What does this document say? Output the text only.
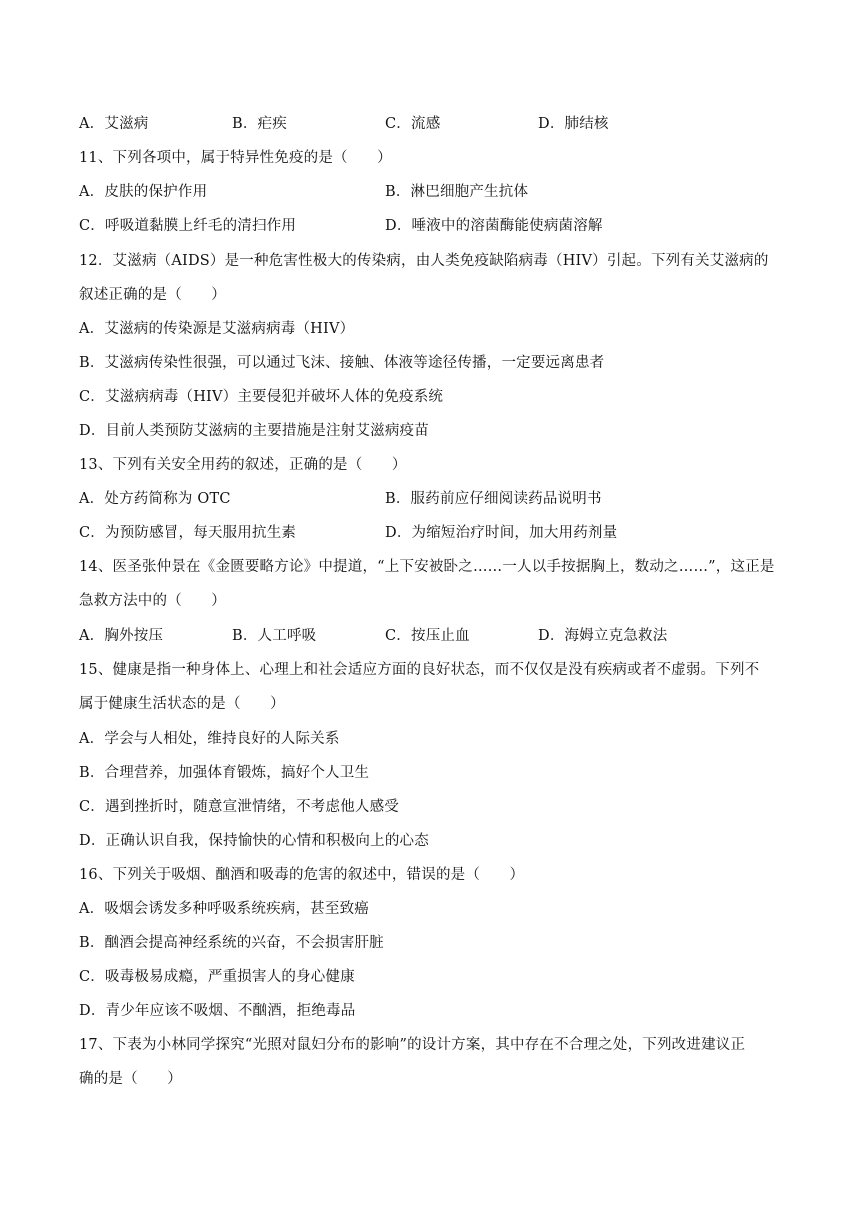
A．艾滋病	B．疟疾	C．流感	D．肺结核
11、下列各项中，属于特异性免疫的是（　　）
A．皮肤的保护作用	B．淋巴细胞产生抗体
C．呼吸道黏膜上纤毛的清扫作用	D．唾液中的溶菌酶能使病菌溶解
12．艾滋病（AIDS）是一种危害性极大的传染病，由人类免疫缺陷病毒（HIV）引起。下列有关艾滋病的
叙述正确的是（　　）
A．艾滋病的传染源是艾滋病病毒（HIV）
B．艾滋病传染性很强，可以通过飞沫、接触、体液等途径传播，一定要远离患者
C．艾滋病病毒（HIV）主要侵犯并破坏人体的免疫系统
D．目前人类预防艾滋病的主要措施是注射艾滋病疫苗
13、下列有关安全用药的叙述，正确的是（　　）
A．处方药简称为 OTC	B．服药前应仔细阅读药品说明书
C．为预防感冒，每天服用抗生素	D．为缩短治疗时间，加大用药剂量
14、医圣张仲景在《金匮要略方论》中提道，“上下安被卧之……一人以手按据胸上，数动之……”，这正是
急救方法中的（　　）
A．胸外按压	B．人工呼吸	C．按压止血	D．海姆立克急救法
15、健康是指一种身体上、心理上和社会适应方面的良好状态，而不仅仅是没有疾病或者不虚弱。下列不
属于健康生活状态的是（　　）
A．学会与人相处，维持良好的人际关系
B．合理营养，加强体育锻炼，搞好个人卫生
C．遇到挫折时，随意宣泄情绪，不考虑他人感受
D．正确认识自我，保持愉快的心情和积极向上的心态
16、下列关于吸烟、酗酒和吸毒的危害的叙述中，错误的是（　　）
A．吸烟会诱发多种呼吸系统疾病，甚至致癌
B．酗酒会提高神经系统的兴奋，不会损害肝脏
C．吸毒极易成瘾，严重损害人的身心健康
D．青少年应该不吸烟、不酗酒，拒绝毒品
17、下表为小林同学探究“光照对鼠妇分布的影响”的设计方案，其中存在不合理之处，下列改进建议正
确的是（　　）
